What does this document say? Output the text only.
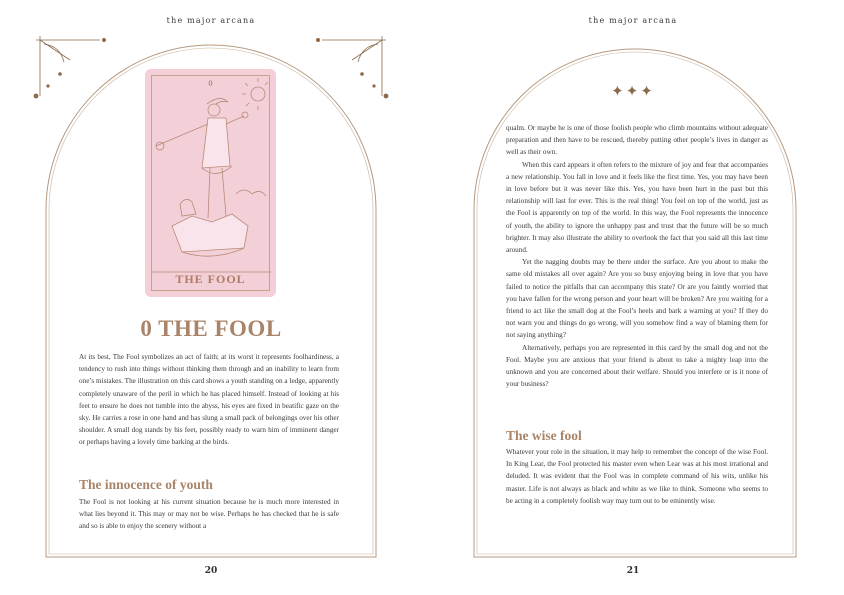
the major arcana
0
THE FOOL
0 THE FOOL

At its best, The Fool symbolizes an act of faith; at its worst it represents foolhardiness, a tendency to rush into things without thinking them through and an inability to learn from one’s mistakes. The illustration on this card shows a youth standing on a ledge, apparently completely unaware of the peril in which he has placed himself. Instead of looking at his feet to ensure he does not tumble into the abyss, his eyes are fixed in beatific gaze on the sky. He carries a rose in one hand and has slung a small pack of belongings over his other shoulder. A small dog stands by his feet, possibly ready to warn him of imminent danger or perhaps having a lovely time barking at the birds.

The innocence of youth

The Fool is not looking at his current situation because he is much more interested in what lies beyond it. This may or may not be wise. Perhaps he has checked that he is safe and so is able to enjoy the scenery without a

20
the major arcana
✦✦✦

qualm. Or maybe he is one of those foolish people who climb mountains without adequate preparation and then have to be rescued, thereby putting other people’s lives in danger as well as their own.

When this card appears it often refers to the mixture of joy and fear that accompanies a new relationship. You fall in love and it feels like the first time. Yes, you may have been in love before but it was never like this. Yes, you have been hurt in the past but this relationship will last for ever. This is the real thing! You feel on top of the world, just as the Fool is apparently on top of the world. In this way, the Fool represents the innocence of youth, the ability to ignore the unhappy past and trust that the future will be so much brighter. It may also illustrate the ability to overlook the fact that you said all this last time around.

Yet the nagging doubts may be there under the surface. Are you about to make the same old mistakes all over again? Are you so busy enjoying being in love that you have failed to notice the pitfalls that can accompany this state? Or are you faintly worried that you have fallen for the wrong person and your heart will be broken? Are you waiting for a friend to act like the small dog at the Fool’s heels and bark a warning at you? If they do not warn you and things do go wrong, will you somehow find a way of blaming them for not saying anything?

Alternatively, perhaps you are represented in this card by the small dog and not the Fool. Maybe you are anxious that your friend is about to take a mighty leap into the unknown and you are concerned about their welfare. Should you interfere or is it none of your business?

The wise fool

Whatever your role in the situation, it may help to remember the concept of the wise Fool. In King Lear, the Fool protected his master even when Lear was at his most irrational and deluded. It was evident that the Fool was in complete command of his wits, unlike his master. Life is not always as black and white as we like to think. Someone who seems to be acting in a completely foolish way may turn out to be eminently wise.

21
